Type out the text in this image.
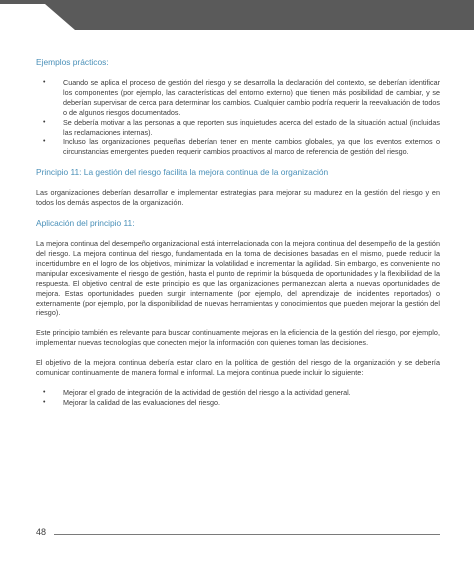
Ejemplos prácticos:

• Cuando se aplica el proceso de gestión del riesgo y se desarrolla la declaración del contexto, se deberían identificar los componentes (por ejemplo, las características del entorno externo) que tienen más posibilidad de cambiar, y se deberían supervisar de cerca para determinar los cambios. Cualquier cambio podría requerir la reevaluación de todos o de algunos riesgos documentados.
• Se debería motivar a las personas a que reporten sus inquietudes acerca del estado de la situación actual (incluidas las reclamaciones internas).
• Incluso las organizaciones pequeñas deberían tener en mente cambios globales, ya que los eventos externos o circunstancias emergentes pueden requerir cambios proactivos al marco de referencia de gestión del riesgo.

Principio 11: La gestión del riesgo facilita la mejora continua de la organización

Las organizaciones deberían desarrollar e implementar estrategias para mejorar su madurez en la gestión del riesgo y en todos los demás aspectos de la organización.

Aplicación del principio 11:

La mejora continua del desempeño organizacional está interrelacionada con la mejora continua del desempeño de la gestión del riesgo. La mejora continua del riesgo, fundamentada en la toma de decisiones basadas en el mismo, puede reducir la incertidumbre en el logro de los objetivos, minimizar la volatilidad e incrementar la agilidad. Sin embargo, es conveniente no manipular excesivamente el riesgo de gestión, hasta el punto de reprimir la búsqueda de oportunidades y la flexibilidad de la respuesta. El objetivo central de este principio es que las organizaciones permanezcan alerta a nuevas oportunidades de mejora. Estas oportunidades pueden surgir internamente (por ejemplo, del aprendizaje de incidentes reportados) o externamente (por ejemplo, por la disponibilidad de nuevas herramientas y conocimientos que pueden mejorar la gestión del riesgo).

Este principio también es relevante para buscar continuamente mejoras en la eficiencia de la gestión del riesgo, por ejemplo, implementar nuevas tecnologías que conecten mejor la información con quienes toman las decisiones.

El objetivo de la mejora continua debería estar claro en la política de gestión del riesgo de la organización y se debería comunicar continuamente de manera formal e informal. La mejora continua puede incluir lo siguiente:

• Mejorar el grado de integración de la actividad de gestión del riesgo a la actividad general.
• Mejorar la calidad de las evaluaciones del riesgo.
48
